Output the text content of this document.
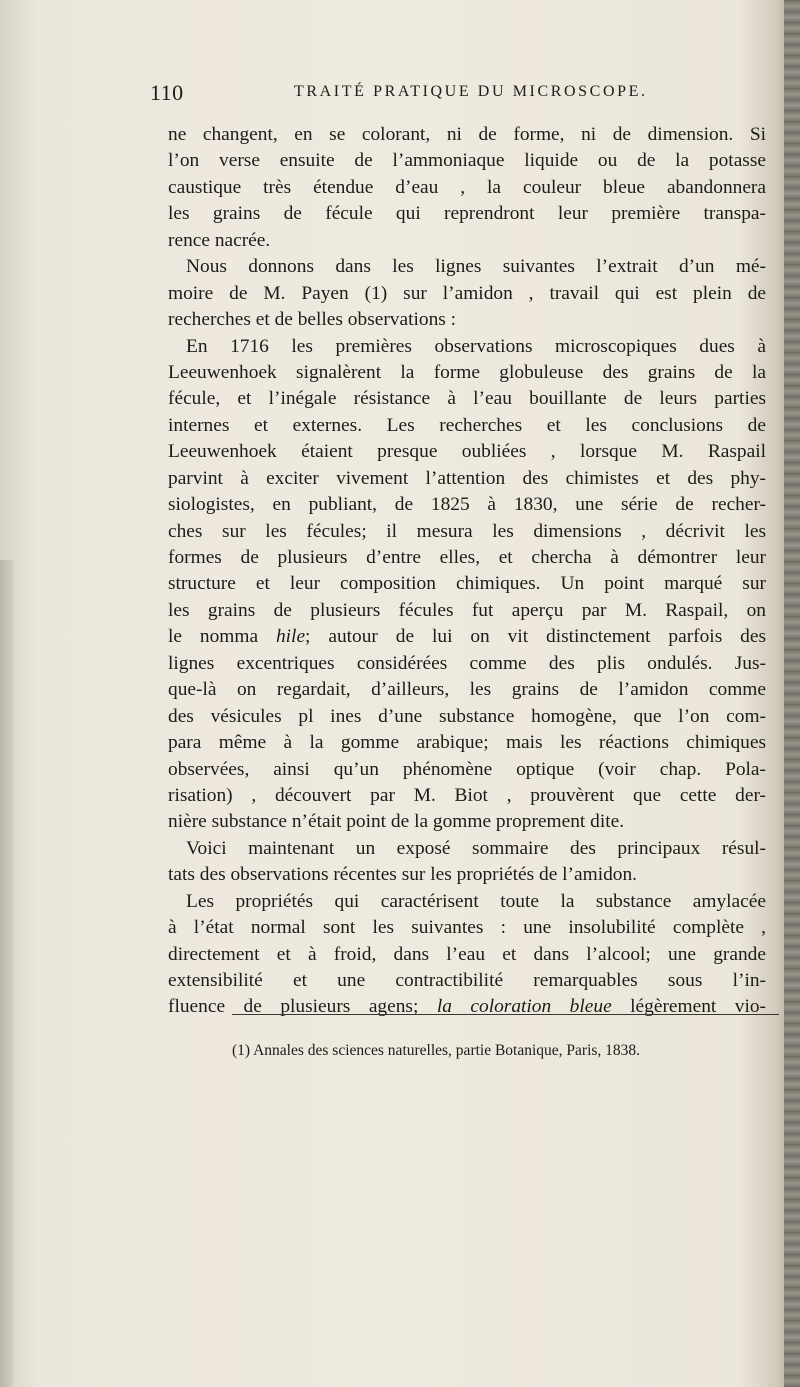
110	TRAITÉ PRATIQUE DU MICROSCOPE.
ne changent, en se colorant, ni de forme, ni de dimension. Si
l’on verse ensuite de l’ammoniaque liquide ou de la potasse
caustique très étendue d’eau , la couleur bleue abandonnera
les grains de fécule qui reprendront leur première transpa-
rence nacrée.
Nous donnons dans les lignes suivantes l’extrait d’un mé-
moire de M. Payen (1) sur l’amidon , travail qui est plein de
recherches et de belles observations :
En 1716 les premières observations microscopiques dues à
Leeuwenhoek signalèrent la forme globuleuse des grains de la
fécule, et l’inégale résistance à l’eau bouillante de leurs parties
internes et externes. Les recherches et les conclusions de
Leeuwenhoek étaient presque oubliées , lorsque M. Raspail
parvint à exciter vivement l’attention des chimistes et des phy-
siologistes, en publiant, de 1825 à 1830, une série de recher-
ches sur les fécules; il mesura les dimensions , décrivit les
formes de plusieurs d’entre elles, et chercha à démontrer leur
structure et leur composition chimiques. Un point marqué sur
les grains de plusieurs fécules fut aperçu par M. Raspail, on
le nomma hile; autour de lui on vit distinctement parfois des
lignes excentriques considérées comme des plis ondulés. Jus-
que-là on regardait, d’ailleurs, les grains de l’amidon comme
des vésicules pl ines d’une substance homogène, que l’on com-
para même à la gomme arabique; mais les réactions chimiques
observées, ainsi qu’un phénomène optique (voir chap. Pola-
risation) , découvert par M. Biot , prouvèrent que cette der-
nière substance n’était point de la gomme proprement dite.
Voici maintenant un exposé sommaire des principaux résul-
tats des observations récentes sur les propriétés de l’amidon.
Les propriétés qui caractérisent toute la substance amylacée
à l’état normal sont les suivantes : une insolubilité complète ,
directement et à froid, dans l’eau et dans l’alcool; une grande
extensibilité et une contractibilité remarquables sous l’in-
fluence de plusieurs agens; la coloration bleue légèrement vio-
(1) Annales des sciences naturelles, partie Botanique, Paris, 1838.
